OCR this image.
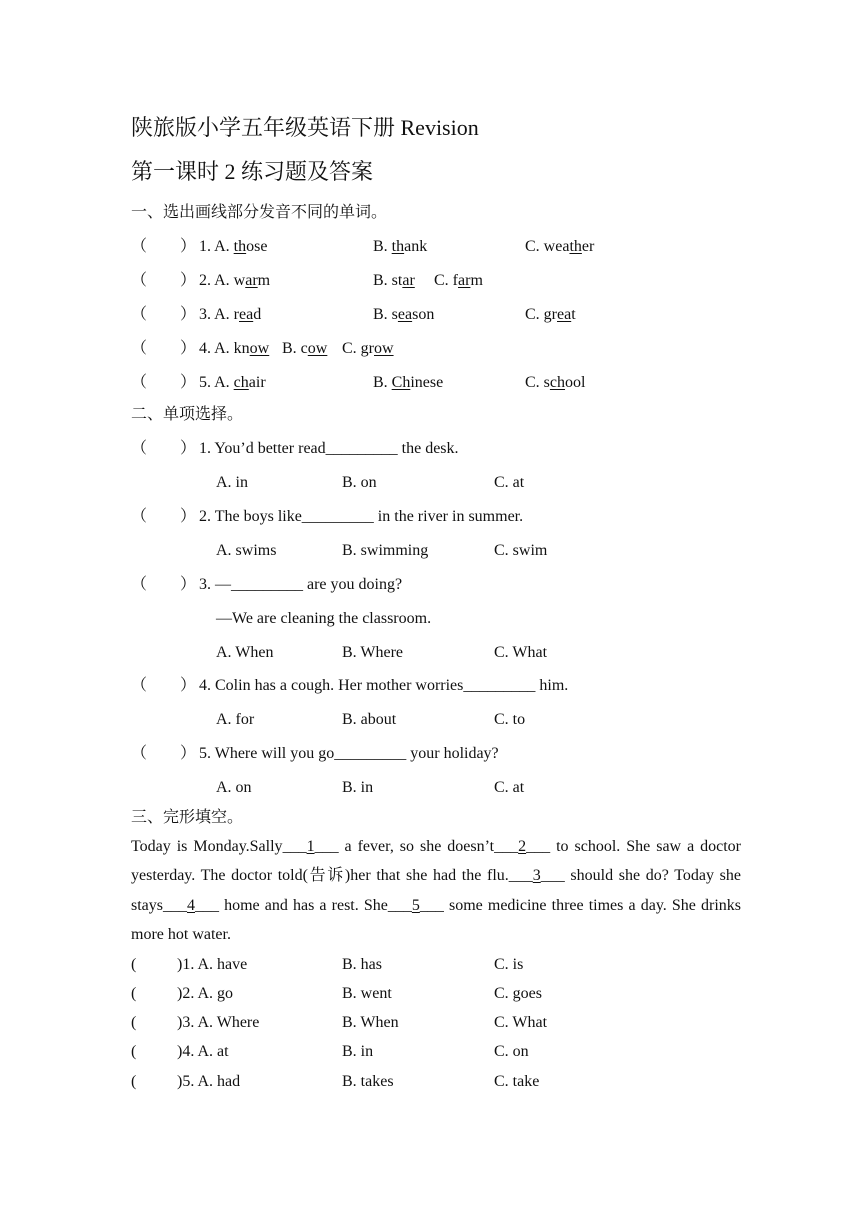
陕旅版小学五年级英语下册 Revision
第一课时 2 练习题及答案
一、选出画线部分发音不同的单词。
（ ） 1. A. those	B. thank	C. weather
（ ） 2. A. warm	B. star C. farm
（ ） 3. A. read	B. season	C. great
（ ） 4. A. know B. cow C. grow
（ ） 5. A. chair	B. Chinese	C. school
二、单项选择。
（ ） 1. You’d better read_________ the desk.
A. in	B. on	C. at
（ ） 2. The boys like_________ in the river in summer.
A. swims	B. swimming	C. swim
（ ） 3. —_________ are you doing?
—We are cleaning the classroom.
A. When	B. Where	C. What
（ ） 4. Colin has a cough. Her mother worries_________ him.
A. for	B. about	C. to
（ ） 5. Where will you go_________ your holiday?
A. on	B. in	C. at
三、完形填空。
Today is Monday.Sally___1___ a fever, so she doesn’t___2___ to school. She saw a doctor yesterday. The doctor told(告诉)her that she had the flu.___3___ should she do? Today she stays___4___ home and has a rest. She___5___ some medicine three times a day. She drinks more hot water.
(	)1. A. have	B. has	C. is
(	)2. A. go	B. went	C. goes
(	)3. A. Where	B. When	C. What
(	)4. A. at	B. in	C. on
(	)5. A. had	B. takes	C. take
